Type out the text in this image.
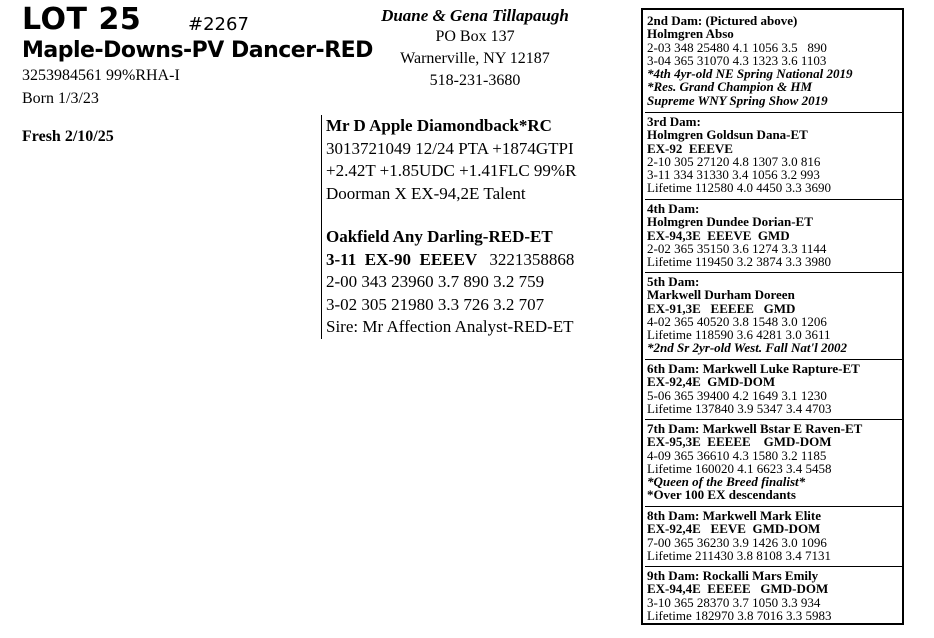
LOT 25	#2267
Maple-Downs-PV Dancer-RED
3253984561 99%RHA-I
Born 1/3/23
Fresh 2/10/25
Duane & Gena Tillapaugh
PO Box 137
Warnerville, NY 12187
518-231-3680
Mr D Apple Diamondback*RC
3013721049 12/24 PTA +1874GTPI
+2.42T +1.85UDC +1.41FLC 99%R
Doorman X EX-94,2E Talent
Oakfield Any Darling-RED-ET
3-11  EX-90  EEEEV 3221358868
2-00 343 23960 3.7 890 3.2 759
3-02 305 21980 3.3 726 3.2 707
Sire: Mr Affection Analyst-RED-ET
2nd Dam: (Pictured above)
Holmgren Abso
2-03 348 25480 4.1 1056 3.5   890
3-04 365 31070 4.3 1323 3.6 1103
*4th 4yr-old NE Spring National 2019
*Res. Grand Champion & HM
Supreme WNY Spring Show 2019
3rd Dam:
Holmgren Goldsun Dana-ET
EX-92  EEEVE
2-10 305 27120 4.8 1307 3.0 816
3-11 334 31330 3.4 1056 3.2 993
Lifetime 112580 4.0 4450 3.3 3690
4th Dam:
Holmgren Dundee Dorian-ET
EX-94,3E  EEEVE  GMD
2-02 365 35150 3.6 1274 3.3 1144
Lifetime 119450 3.2 3874 3.3 3980
5th Dam:
Markwell Durham Doreen
EX-91,3E   EEEEE   GMD
4-02 365 40520 3.8 1548 3.0 1206
Lifetime 118590 3.6 4281 3.0 3611
*2nd Sr 2yr-old West. Fall Nat'l 2002
6th Dam: Markwell Luke Rapture-ET
EX-92,4E  GMD-DOM
5-06 365 39400 4.2 1649 3.1 1230
Lifetime 137840 3.9 5347 3.4 4703
7th Dam: Markwell Bstar E Raven-ET
EX-95,3E  EEEEE    GMD-DOM
4-09 365 36610 4.3 1580 3.2 1185
Lifetime 160020 4.1 6623 3.4 5458
*Queen of the Breed finalist*
*Over 100 EX descendants
8th Dam: Markwell Mark Elite
EX-92,4E   EEVE  GMD-DOM
7-00 365 36230 3.9 1426 3.0 1096
Lifetime 211430 3.8 8108 3.4 7131
9th Dam: Rockalli Mars Emily
EX-94,4E  EEEEE   GMD-DOM
3-10 365 28370 3.7 1050 3.3 934
Lifetime 182970 3.8 7016 3.3 5983
